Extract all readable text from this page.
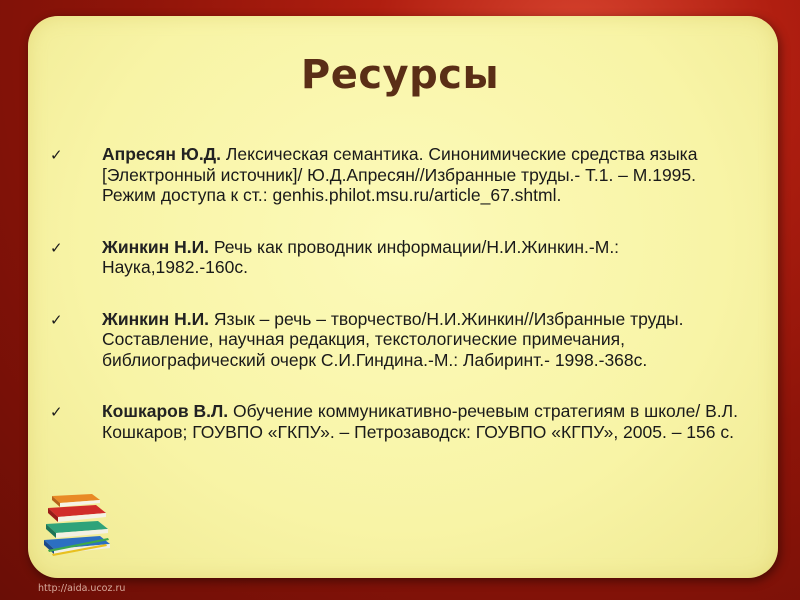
Ресурсы
✓ Апресян Ю.Д. Лексическая семантика. Синонимические средства языка [Электронный источник]/ Ю.Д.Апресян//Избранные труды.- Т.1. – М.1995. Режим доступа к ст.: genhis.philot.msu.ru/article_67.shtml.
✓ Жинкин Н.И. Речь как проводник информации/Н.И.Жинкин.-М.: Наука,1982.-160с.
✓ Жинкин Н.И. Язык – речь – творчество/Н.И.Жинкин//Избранные труды. Составление, научная редакция, текстологические примечания, библиографический очерк С.И.Гиндина.-М.: Лабиринт.- 1998.-368с.
✓ Кошкаров В.Л. Обучение коммуникативно-речевым стратегиям в школе/ В.Л. Кошкаров; ГОУВПО «ГКПУ». – Петрозаводск: ГОУВПО «КГПУ», 2005. – 156 с.
http://aida.ucoz.ru
